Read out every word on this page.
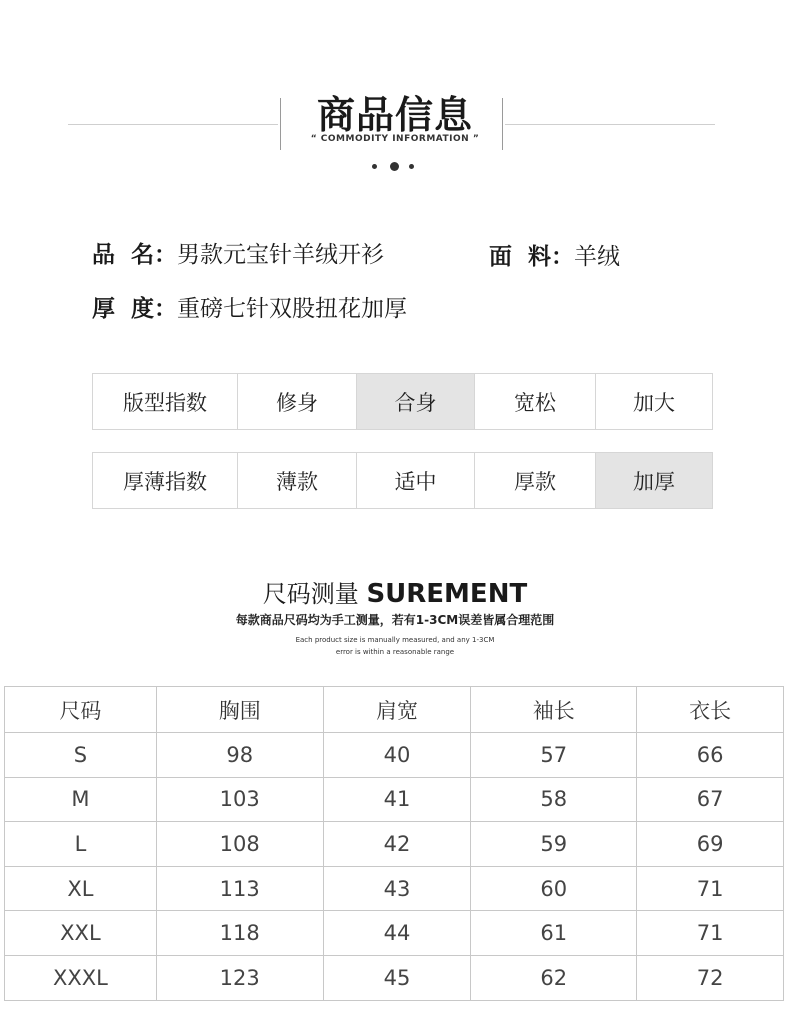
商品信息
“ COMMODITY INFORMATION ”
品  名：男款元宝针羊绒开衫	面  料：羊绒
厚  度：重磅七针双股扭花加厚
版型指数	修身	合身	宽松	加大
厚薄指数	薄款	适中	厚款	加厚
尺码测量 SUREMENT
每款商品尺码均为手工测量，若有1-3CM误差皆属合理范围
Each product size is manually measured, and any 1-3CM
error is within a reasonable range
尺码	胸围	肩宽	袖长	衣长
S	98	40	57	66
M	103	41	58	67
L	108	42	59	69
XL	113	43	60	71
XXL	118	44	61	71
XXXL	123	45	62	72
